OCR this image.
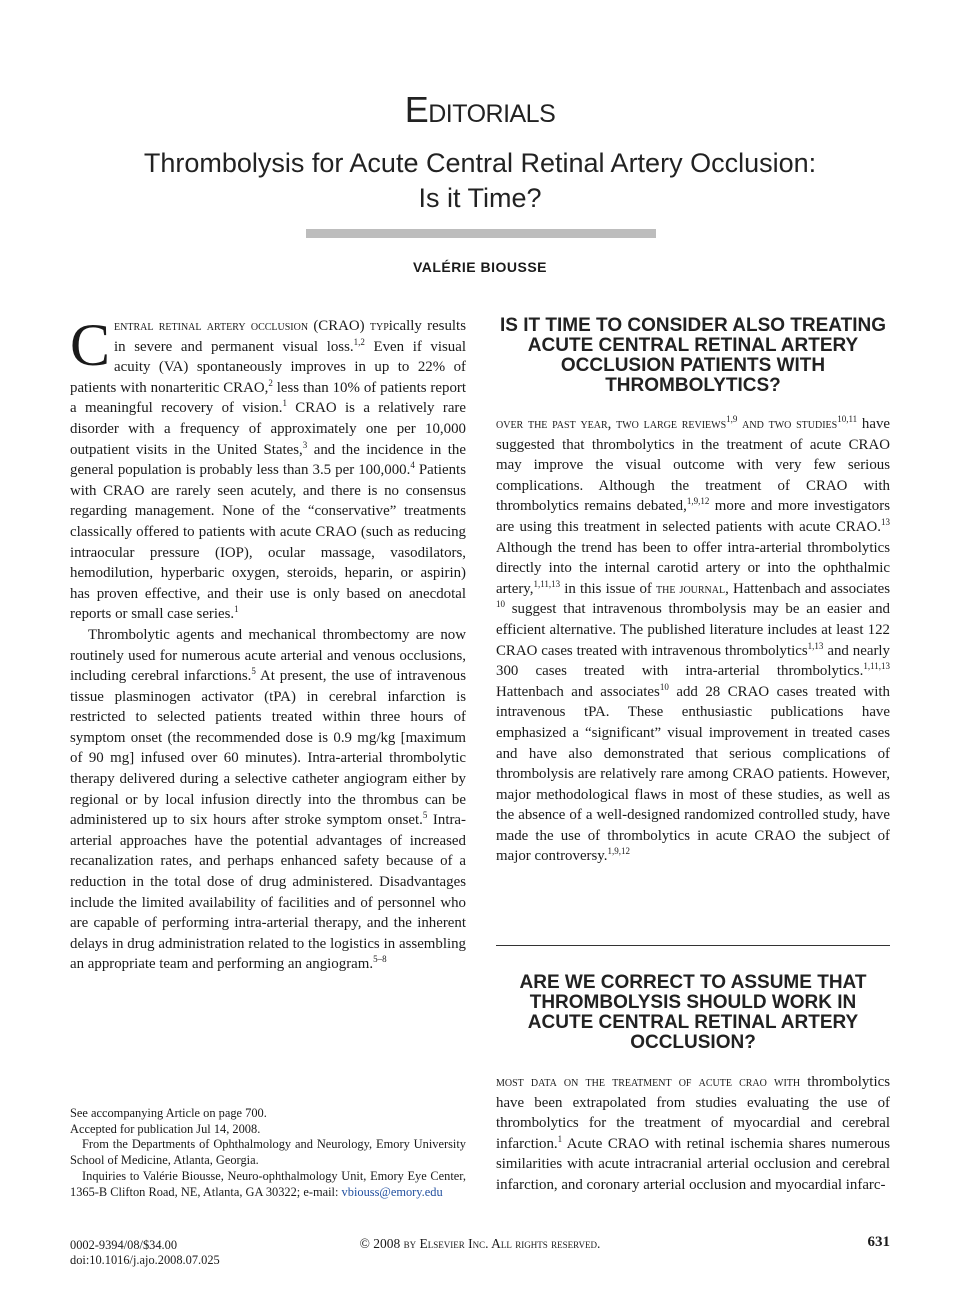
Editorials
Thrombolysis for Acute Central Retinal Artery Occlusion:
Is it Time?
VALÉRIE BIOUSSE

Central retinal artery occlusion (CRAO) typically results in severe and permanent visual loss.$^{1,2}$ Even if visual acuity (VA) spontaneously improves in up to 22% of patients with nonarteritic CRAO,$^2$ less than 10% of patients report a meaningful recovery of vision.$^1$ CRAO is a relatively rare disorder with a frequency of approximately one per 10,000 outpatient visits in the United States,$^3$ and the incidence in the general population is probably less than 3.5 per 100,000.$^4$ Patients with CRAO are rarely seen acutely, and there is no consensus regarding management. None of the “conservative” treatments classically offered to patients with acute CRAO (such as reducing intraocular pressure (IOP), ocular massage, vasodilators, hemodilution, hyperbaric oxygen, steroids, heparin, or aspirin) has proven effective, and their use is only based on anecdotal reports or small case series.$^1$

Thrombolytic agents and mechanical thrombectomy are now routinely used for numerous acute arterial and venous occlusions, including cerebral infarctions.$^5$ At present, the use of intravenous tissue plasminogen activator (tPA) in cerebral infarction is restricted to selected patients treated within three hours of symptom onset (the recommended dose is 0.9 mg/kg [maximum of 90 mg] infused over 60 minutes). Intra-arterial thrombolytic therapy delivered during a selective catheter angiogram either by regional or by local infusion directly into the thrombus can be administered up to six hours after stroke symptom onset.$^5$ Intra-arterial approaches have the potential advantages of increased recanalization rates, and perhaps enhanced safety because of a reduction in the total dose of drug administered. Disadvantages include the limited availability of facilities and of personnel who are capable of performing intra-arterial therapy, and the inherent delays in drug administration related to the logistics in assembling an appropriate team and performing an angiogram.$^{5-8}$

IS IT TIME TO CONSIDER ALSO TREATING ACUTE CENTRAL RETINAL ARTERY OCCLUSION PATIENTS WITH THROMBOLYTICS?

over the past year, two large reviews$^{1,9}$ and two studies$^{10,11}$ have suggested that thrombolytics in the treatment of acute CRAO may improve the visual outcome with very few serious complications. Although the treatment of CRAO with thrombolytics remains debated,$^{1,9,12}$ more and more investigators are using this treatment in selected patients with acute CRAO.$^{13}$ Although the trend has been to offer intra-arterial thrombolytics directly into the internal carotid artery or into the ophthalmic artery,$^{1,11,13}$ in this issue of the journal, Hattenbach and associates $^{10}$ suggest that intravenous thrombolysis may be an easier and efficient alternative. The published literature includes at least 122 CRAO cases treated with intravenous thrombolytics$^{1,13}$ and nearly 300 cases treated with intra-arterial thrombolytics.$^{1,11,13}$ Hattenbach and associates$^{10}$ add 28 CRAO cases treated with intravenous tPA. These enthusiastic publications have emphasized a “significant” visual improvement in treated cases and have also demonstrated that serious complications of thrombolysis are relatively rare among CRAO patients. However, major methodological flaws in most of these studies, as well as the absence of a well-designed randomized controlled study, have made the use of thrombolytics in acute CRAO the subject of major controversy.$^{1,9,12}$

ARE WE CORRECT TO ASSUME THAT THROMBOLYSIS SHOULD WORK IN ACUTE CENTRAL RETINAL ARTERY OCCLUSION?

most data on the treatment of acute crao with thrombolytics have been extrapolated from studies evaluating the use of thrombolytics for the treatment of myocardial and cerebral infarction.$^1$ Acute CRAO with retinal ischemia shares numerous similarities with acute intracranial arterial occlusion and cerebral infarction, and coronary arterial occlusion and myocardial infarc-

See accompanying Article on page 700.

Accepted for publication Jul 14, 2008.

From the Departments of Ophthalmology and Neurology, Emory University School of Medicine, Atlanta, Georgia.

Inquiries to Valérie Biousse, Neuro-ophthalmology Unit, Emory Eye Center, 1365-B Clifton Road, NE, Atlanta, GA 30322; e-mail: vbiouss@emory.edu

0002-9394/08/$34.00
doi:10.1016/j.ajo.2008.07.025
© 2008 by Elsevier Inc. All rights reserved.	631
